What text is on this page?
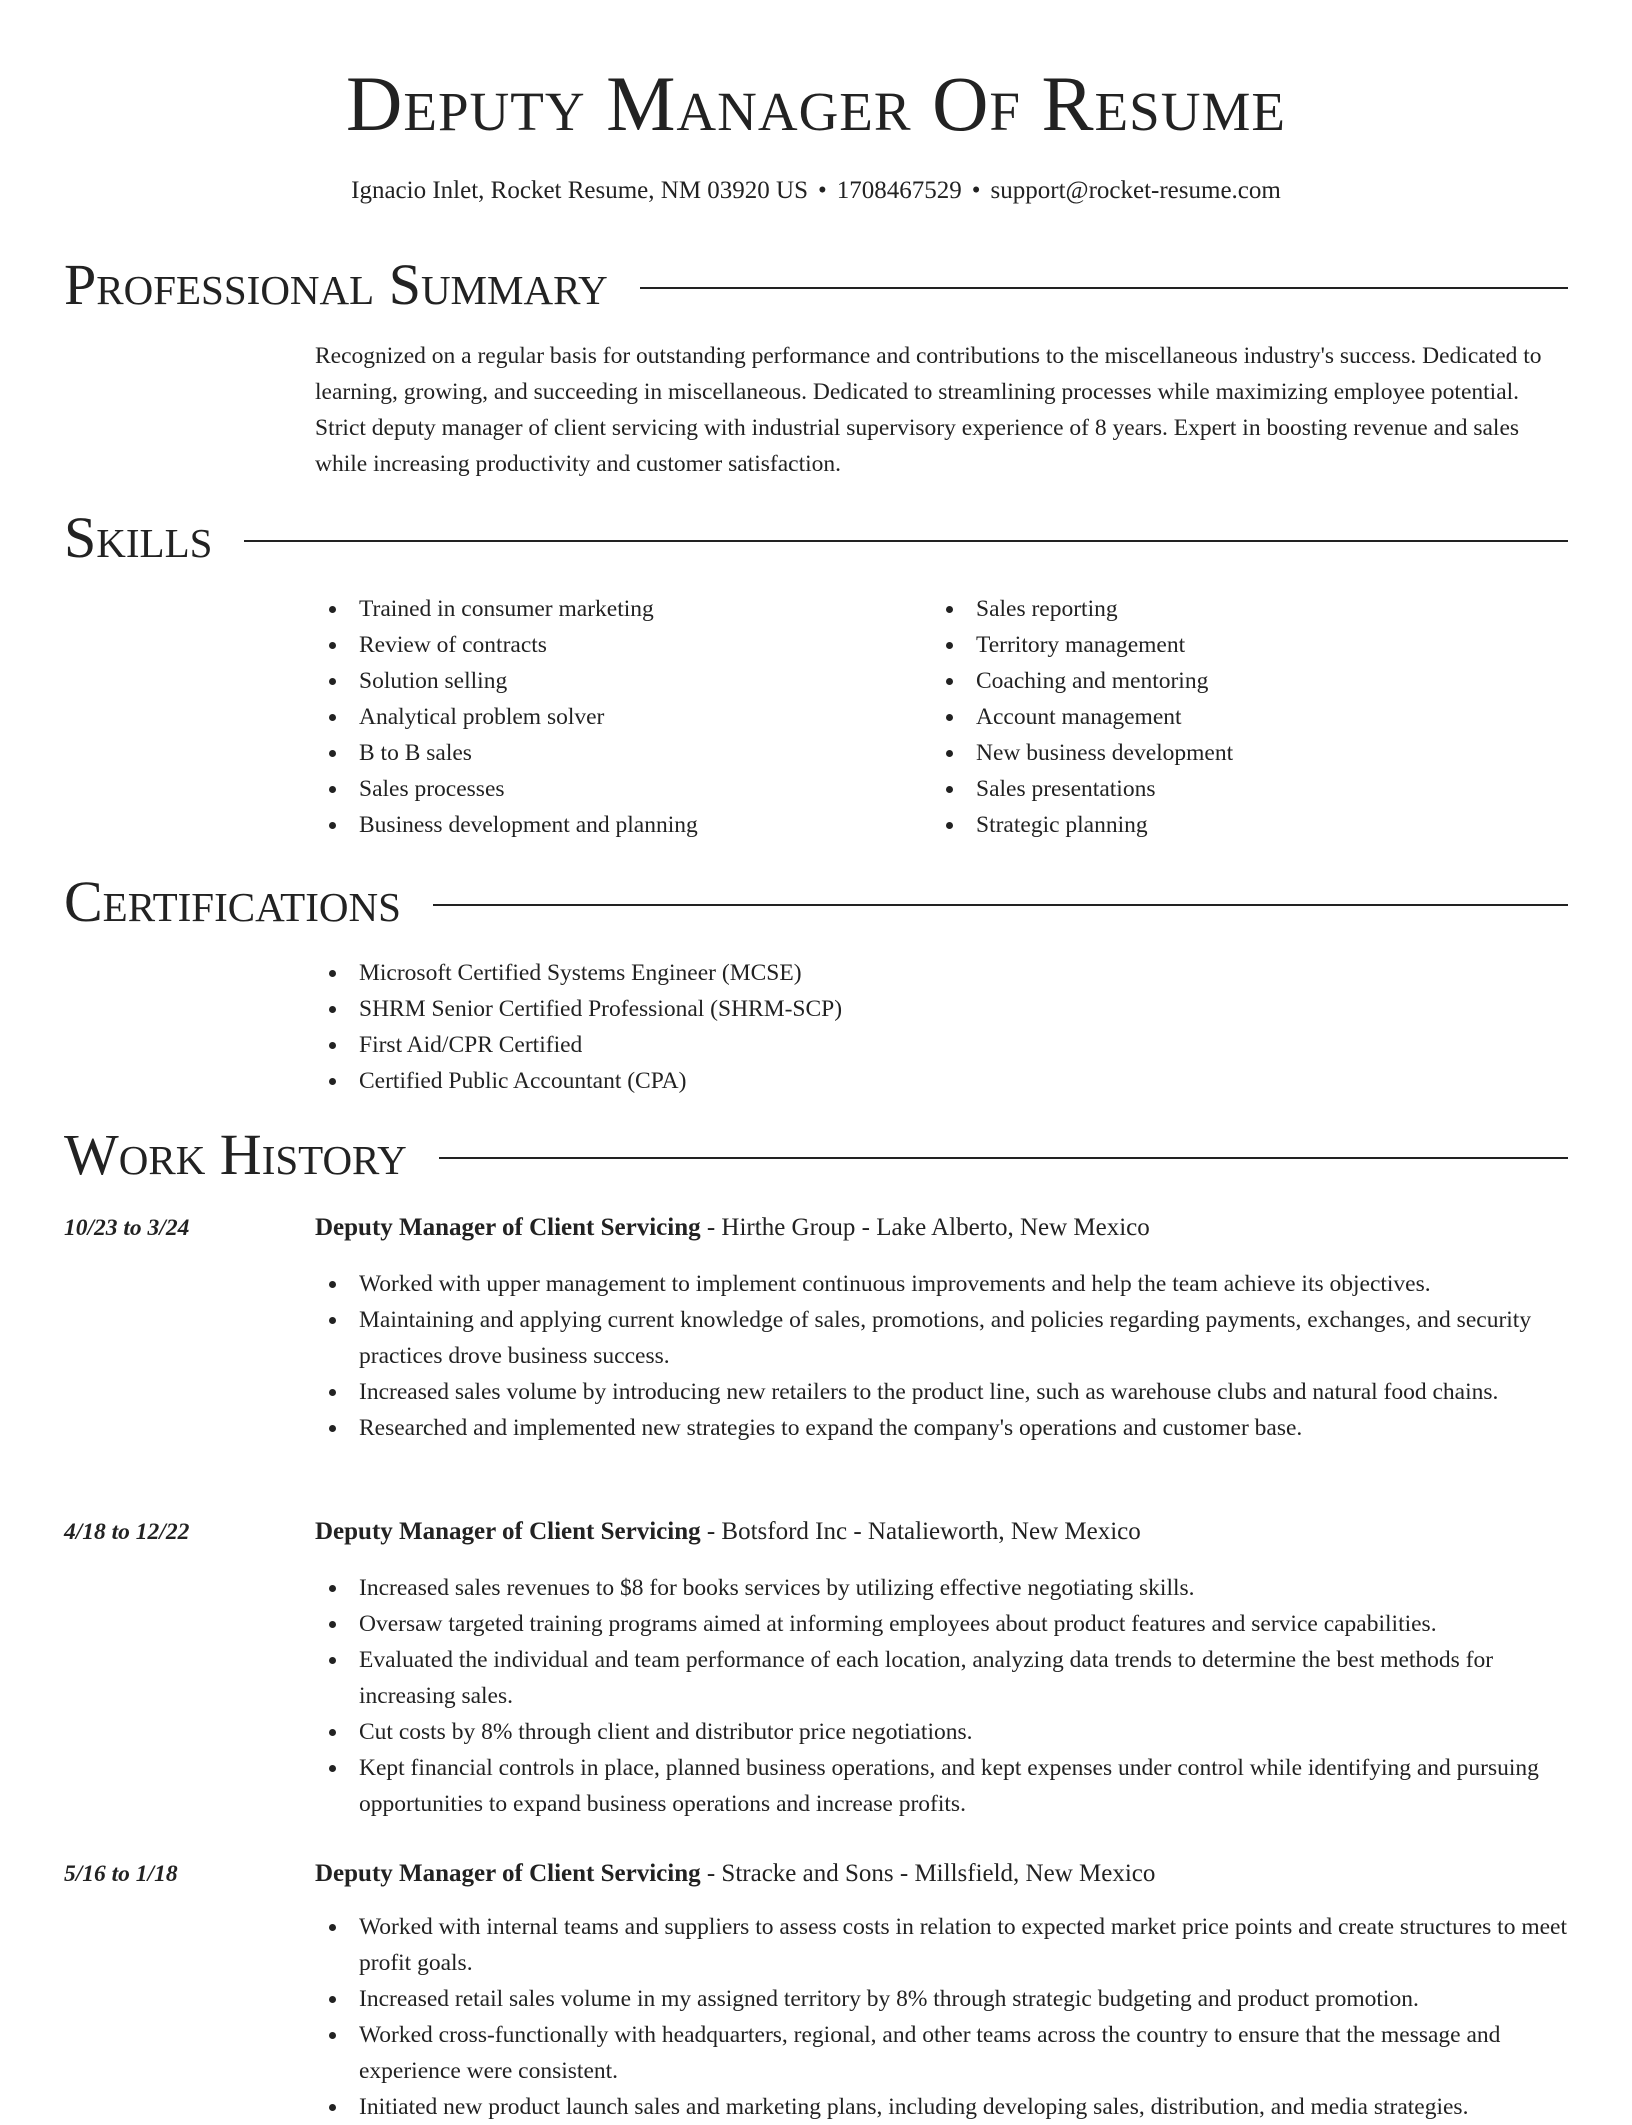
Deputy Manager Of Resume
Ignacio Inlet, Rocket Resume, NM 03920 US • 1708467529 • support@rocket-resume.com
Professional Summary
Recognized on a regular basis for outstanding performance and contributions to the miscellaneous industry's success. Dedicated to learning, growing, and succeeding in miscellaneous. Dedicated to streamlining processes while maximizing employee potential. Strict deputy manager of client servicing with industrial supervisory experience of 8 years. Expert in boosting revenue and sales while increasing productivity and customer satisfaction.
Skills
Trained in consumer marketing
Review of contracts
Solution selling
Analytical problem solver
B to B sales
Sales processes
Business development and planning
Sales reporting
Territory management
Coaching and mentoring
Account management
New business development
Sales presentations
Strategic planning
Certifications
Microsoft Certified Systems Engineer (MCSE)
SHRM Senior Certified Professional (SHRM-SCP)
First Aid/CPR Certified
Certified Public Accountant (CPA)
Work History
10/23 to 3/24	Deputy Manager of Client Servicing - Hirthe Group - Lake Alberto, New Mexico
Worked with upper management to implement continuous improvements and help the team achieve its objectives.
Maintaining and applying current knowledge of sales, promotions, and policies regarding payments, exchanges, and security practices drove business success.
Increased sales volume by introducing new retailers to the product line, such as warehouse clubs and natural food chains.
Researched and implemented new strategies to expand the company's operations and customer base.
4/18 to 12/22	Deputy Manager of Client Servicing - Botsford Inc - Natalieworth, New Mexico
Increased sales revenues to $8 for books services by utilizing effective negotiating skills.
Oversaw targeted training programs aimed at informing employees about product features and service capabilities.
Evaluated the individual and team performance of each location, analyzing data trends to determine the best methods for increasing sales.
Cut costs by 8% through client and distributor price negotiations.
Kept financial controls in place, planned business operations, and kept expenses under control while identifying and pursuing opportunities to expand business operations and increase profits.
5/16 to 1/18	Deputy Manager of Client Servicing - Stracke and Sons - Millsfield, New Mexico
Worked with internal teams and suppliers to assess costs in relation to expected market price points and create structures to meet profit goals.
Increased retail sales volume in my assigned territory by 8% through strategic budgeting and product promotion.
Worked cross-functionally with headquarters, regional, and other teams across the country to ensure that the message and experience were consistent.
Initiated new product launch sales and marketing plans, including developing sales, distribution, and media strategies.
